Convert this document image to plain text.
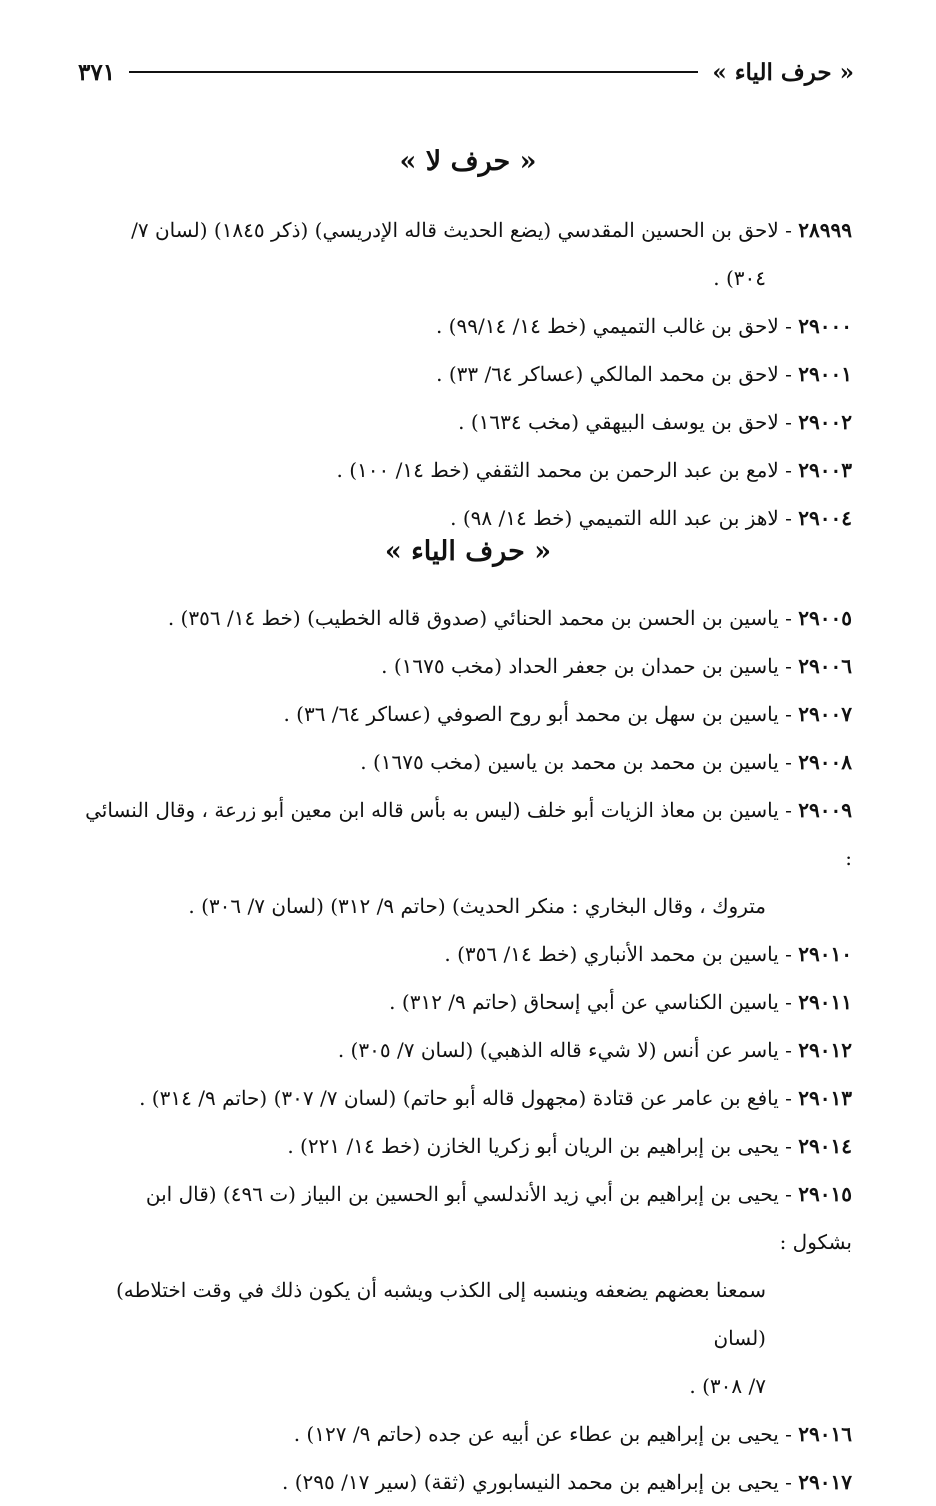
« حرف الياء »
٣٧١
« حرف لا »
٢٨٩٩٩ - لاحق بن الحسين المقدسي (يضع الحديث قاله الإدريسي) (ذكر ١٨٤٥) (لسان ٧/
٣٠٤) .
٢٩٠٠٠ - لاحق بن غالب التميمي (خط ١٤/ ٩٩/١٤) .
٢٩٠٠١ - لاحق بن محمد المالكي (عساكر ٦٤/ ٣٣) .
٢٩٠٠٢ - لاحق بن يوسف البيهقي (مخب ١٦٣٤) .
٢٩٠٠٣ - لامع بن عبد الرحمن بن محمد الثقفي (خط ١٤/ ١٠٠) .
٢٩٠٠٤ - لاهز بن عبد الله التميمي (خط ١٤/ ٩٨) .
« حرف الياء »
٢٩٠٠٥ - ياسين بن الحسن بن محمد الحنائي (صدوق قاله الخطيب) (خط ١٤/ ٣٥٦) .
٢٩٠٠٦ - ياسين بن حمدان بن جعفر الحداد (مخب ١٦٧٥) .
٢٩٠٠٧ - ياسين بن سهل بن محمد أبو روح الصوفي (عساكر ٦٤/ ٣٦) .
٢٩٠٠٨ - ياسين بن محمد بن محمد بن ياسين (مخب ١٦٧٥) .
٢٩٠٠٩ - ياسين بن معاذ الزيات أبو خلف (ليس به بأس قاله ابن معين أبو زرعة ، وقال النسائي :
متروك ، وقال البخاري : منكر الحديث) (حاتم ٩/ ٣١٢) (لسان ٧/ ٣٠٦) .
٢٩٠١٠ - ياسين بن محمد الأنباري (خط ١٤/ ٣٥٦) .
٢٩٠١١ - ياسين الكناسي عن أبي إسحاق (حاتم ٩/ ٣١٢) .
٢٩٠١٢ - ياسر عن أنس (لا شيء قاله الذهبي) (لسان ٧/ ٣٠٥) .
٢٩٠١٣ - يافع بن عامر عن قتادة (مجهول قاله أبو حاتم) (لسان ٧/ ٣٠٧) (حاتم ٩/ ٣١٤) .
٢٩٠١٤ - يحيى بن إبراهيم بن الريان أبو زكريا الخازن (خط ١٤/ ٢٢١) .
٢٩٠١٥ - يحيى بن إبراهيم بن أبي زيد الأندلسي أبو الحسين بن البياز (ت ٤٩٦) (قال ابن بشكول :
سمعنا بعضهم يضعفه وينسبه إلى الكذب ويشبه أن يكون ذلك في وقت اختلاطه) (لسان
٧/ ٣٠٨) .
٢٩٠١٦ - يحيى بن إبراهيم بن عطاء عن أبيه عن جده (حاتم ٩/ ١٢٧) .
٢٩٠١٧ - يحيى بن إبراهيم بن محمد النيسابوري (ثقة) (سير ١٧/ ٢٩٥) .
